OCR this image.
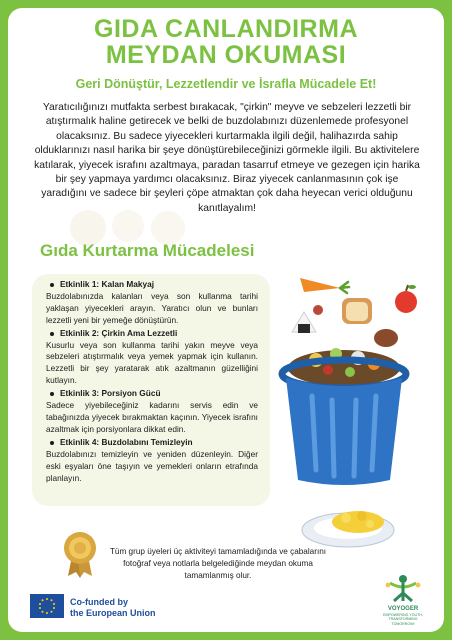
GIDA CANLANDIRMA
MEYDAN OKUMASI
Geri Dönüştür, Lezzetlendir ve İsrafla Mücadele Et!
Yaratıcılığınızı mutfakta serbest bırakacak, "çirkin" meyve ve sebzeleri lezzetli bir atıştırmalık haline getirecek ve belki de buzdolabınızı düzenlemede profesyonel olacaksınız. Bu sadece yiyecekleri kurtarmakla ilgili değil, halihazırda sahip olduklarınızı nasıl harika bir şeye dönüştürebileceğinizi görmekle ilgili. Bu aktivitelere katılarak, yiyecek israfını azaltmaya, paradan tasarruf etmeye ve gezegen için harika bir şey yapmaya yardımcı olacaksınız. Biraz yiyecek canlanmasının çok işe yaradığını ve sadece bir şeyleri çöpe atmaktan çok daha heyecan verici olduğunu kanıtlayalım!
Gıda Kurtarma Mücadelesi
Etkinlik 1: Kalan Makyaj

Buzdolabınızda kalanları veya son kullanma tarihi yaklaşan yiyecekleri arayın. Yaratıcı olun ve bunları lezzetli yeni bir yemeğe dönüştürün.

Etkinlik 2: Çirkin Ama Lezzetli

Kusurlu veya son kullanma tarihi yakın meyve veya sebzeleri atıştırmalık veya yemek yapmak için kullanın. Lezzetli bir şey yaratarak atık azaltmanın güzelliğini kutlayın.

Etkinlik 3: Porsiyon Gücü

Sadece yiyebileceğiniz kadarını servis edin ve tabağınızda yiyecek bırakmaktan kaçının. Yiyecek israfını azaltmak için porsiyonlara dikkat edin.

Etkinlik 4: Buzdolabını Temizleyin

Buzdolabınızı temizleyin ve yeniden düzenleyin. Diğer eski eşyaları öne taşıyın ve yemekleri onların etrafında planlayın.

Tüm grup üyeleri üç aktiviteyi tamamladığında ve çabalarını fotoğraf veya notlarla belgelediğinde meydan okuma tamamlanmış olur.
Co-funded by
the European Union	VOYOGER
EMPOWERING YOUTH,
TRANSFORMING
TOMORROW!
